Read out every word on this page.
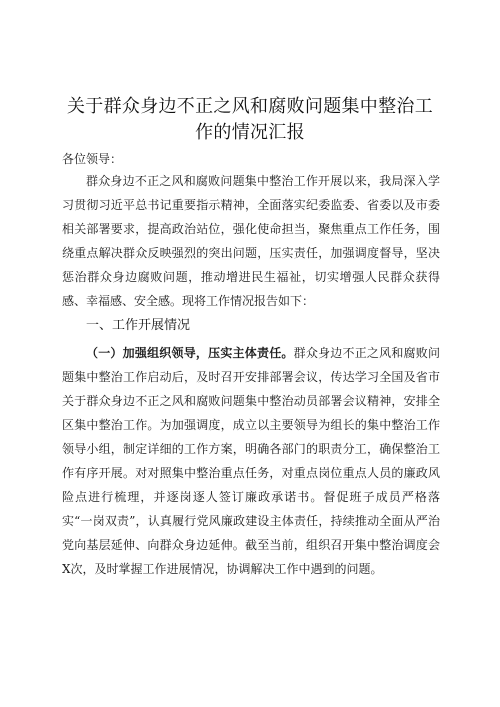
关于群众身边不正之风和腐败问题集中整治工
作的情况汇报
各位领导：
群众身边不正之风和腐败问题集中整治工作开展以来，我局深入学习贯彻习近平总书记重要指示精神，全面落实纪委监委、省委以及市委相关部署要求，提高政治站位，强化使命担当，聚焦重点工作任务，围绕重点解决群众反映强烈的突出问题，压实责任，加强调度督导，坚决惩治群众身边腐败问题，推动增进民生福祉，切实增强人民群众获得感、幸福感、安全感。现将工作情况报告如下：
一、工作开展情况
（一）加强组织领导，压实主体责任。群众身边不正之风和腐败问题集中整治工作启动后，及时召开安排部署会议，传达学习全国及省市关于群众身边不正之风和腐败问题集中整治动员部署会议精神，安排全区集中整治工作。为加强调度，成立以主要领导为组长的集中整治工作领导小组，制定详细的工作方案，明确各部门的职责分工，确保整治工作有序开展。对对照集中整治重点任务，对重点岗位重点人员的廉政风险点进行梳理，并逐岗逐人签订廉政承诺书。督促班子成员严格落实“一岗双责”，认真履行党风廉政建设主体责任，持续推动全面从严治党向基层延伸、向群众身边延伸。截至当前，组织召开集中整治调度会X次，及时掌握工作进展情况，协调解决工作中遇到的问题。
